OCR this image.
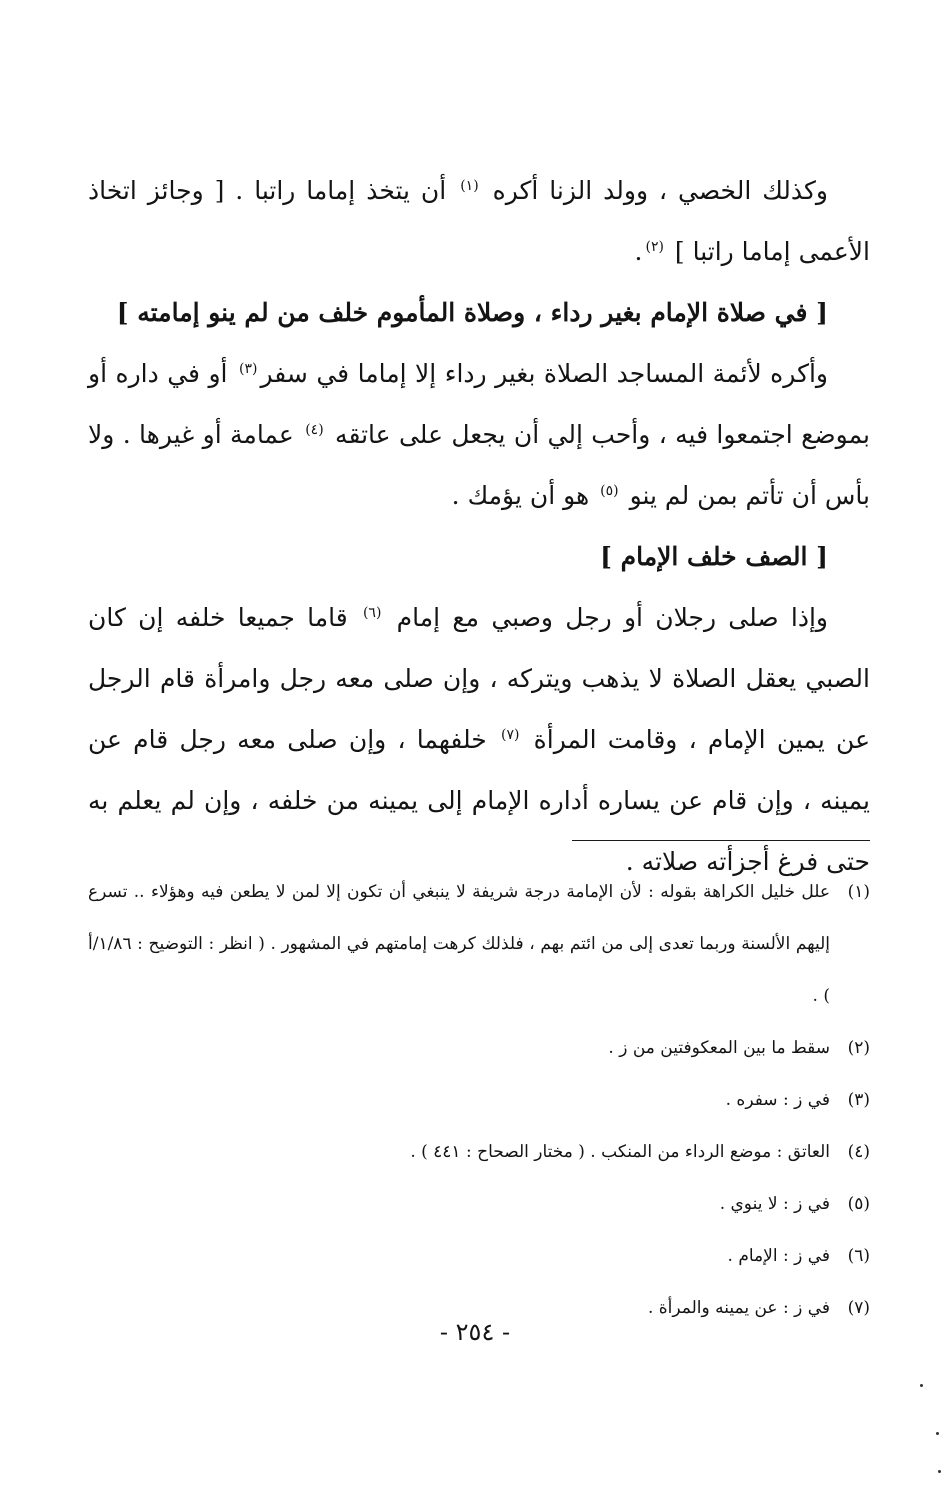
وكذلك الخصي ، وولد الزنا أكره $^{(١)}$ أن يتخذ إماما راتبا . [ وجائز اتخاذ الأعمى إماما راتبا ] $^{(٢)}$.

[ في صلاة الإمام بغير رداء ، وصلاة المأموم خلف من لم ينو إمامته ]

وأكره لأئمة المساجد الصلاة بغير رداء إلا إماما في سفر$^{(٣)}$ أو في داره أو بموضع اجتمعوا فيه ، وأحب إلي أن يجعل على عاتقه $^{(٤)}$ عمامة أو غيرها . ولا بأس أن تأتم بمن لم ينو $^{(٥)}$ هو أن يؤمك .

[ الصف خلف الإمام ]

وإذا صلى رجلان أو رجل وصبي مع إمام $^{(٦)}$ قاما جميعا خلفه إن كان الصبي يعقل الصلاة لا يذهب ويتركه ، وإن صلى معه رجل وامرأة قام الرجل عن يمين الإمام ، وقامت المرأة $^{(٧)}$ خلفهما ، وإن صلى معه رجل قام عن يمينه ، وإن قام عن يساره أداره الإمام إلى يمينه من خلفه ، وإن لم يعلم به حتى فرغ أجزأته صلاته .

(١)
علل خليل الكراهة بقوله : لأن الإمامة درجة شريفة لا ينبغي أن تكون إلا لمن لا يطعن فيه وهؤلاء .. تسرع إليهم الألسنة وربما تعدى إلى من ائتم بهم ، فلذلك كرهت إمامتهم في المشهور . ( انظر : التوضيح : ١/٨٦/أ ) .
(٢)
سقط ما بين المعكوفتين من ز .
(٣)
في ز : سفره .
(٤)
العاتق : موضع الرداء من المنكب . ( مختار الصحاح : ٤٤١ ) .
(٥)
في ز : لا ينوي .
(٦)
في ز : الإمام .
(٧)
في ز : عن يمينه والمرأة .
- ٢٥٤ -
